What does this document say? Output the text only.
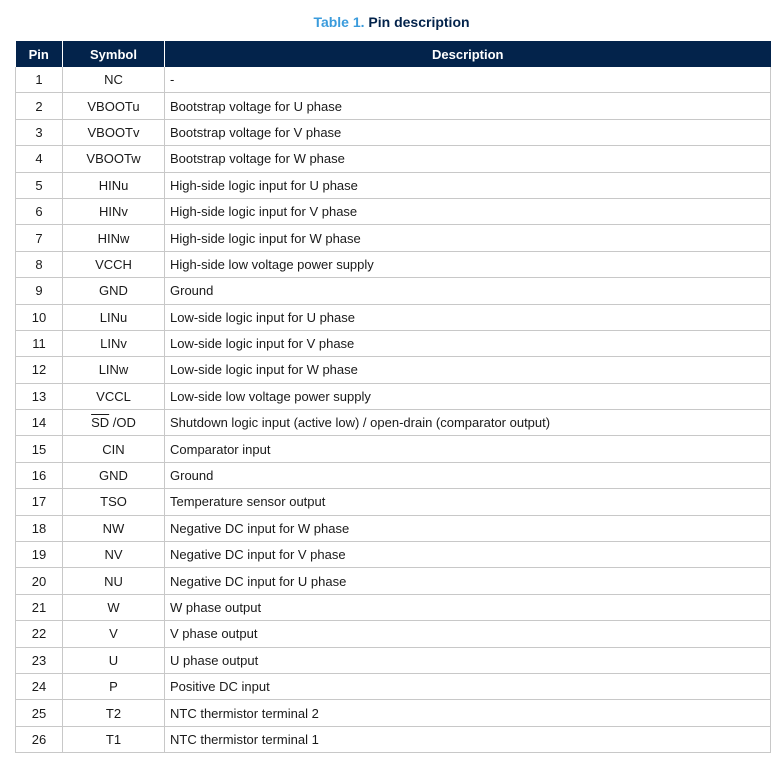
Table 1. Pin description
Pin	Symbol	Description
1	NC	-
2	VBOOTu	Bootstrap voltage for U phase
3	VBOOTv	Bootstrap voltage for V phase
4	VBOOTw	Bootstrap voltage for W phase
5	HINu	High-side logic input for U phase
6	HINv	High-side logic input for V phase
7	HINw	High-side logic input for W phase
8	VCCH	High-side low voltage power supply
9	GND	Ground
10	LINu	Low-side logic input for U phase
11	LINv	Low-side logic input for V phase
12	LINw	Low-side logic input for W phase
13	VCCL	Low-side low voltage power supply
14	$\overline{SD}$ /OD	Shutdown logic input (active low) / open-drain (comparator output)
15	CIN	Comparator input
16	GND	Ground
17	TSO	Temperature sensor output
18	NW	Negative DC input for W phase
19	NV	Negative DC input for V phase
20	NU	Negative DC input for U phase
21	W	W phase output
22	V	V phase output
23	U	U phase output
24	P	Positive DC input
25	T2	NTC thermistor terminal 2
26	T1	NTC thermistor terminal 1
